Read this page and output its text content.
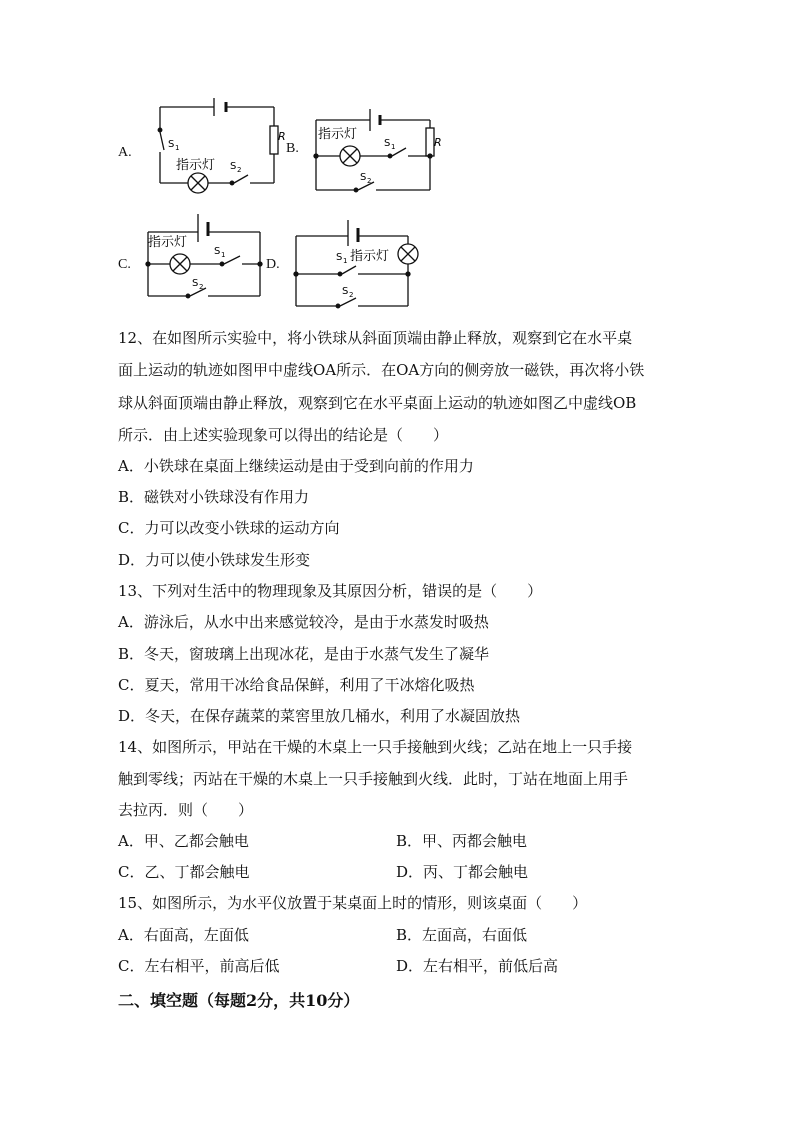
A.	B.
C.	D.
S 1
R
指示灯 S 2
指示灯
S 1	R
S 2
指示灯
S 1
S 2
S 1 指示灯
S 2
12、在如图所示实验中，将小铁球从斜面顶端由静止释放，观察到它在水平桌
面上运动的轨迹如图甲中虚线OA所示．在OA方向的侧旁放一磁铁，再次将小铁
球从斜面顶端由静止释放，观察到它在水平桌面上运动的轨迹如图乙中虚线OB
所示．由上述实验现象可以得出的结论是（　　）
A．小铁球在桌面上继续运动是由于受到向前的作用力
B．磁铁对小铁球没有作用力
C．力可以改变小铁球的运动方向
D．力可以使小铁球发生形变
13、下列对生活中的物理现象及其原因分析，错误的是（　　）
A．游泳后，从水中出来感觉较冷，是由于水蒸发时吸热
B．冬天，窗玻璃上出现冰花，是由于水蒸气发生了凝华
C．夏天，常用干冰给食品保鲜，利用了干冰熔化吸热
D．冬天，在保存蔬菜的菜窖里放几桶水，利用了水凝固放热
14、如图所示，甲站在干燥的木桌上一只手接触到火线；乙站在地上一只手接
触到零线；丙站在干燥的木桌上一只手接触到火线．此时，丁站在地面上用手
去拉丙．则（　　）
A．甲、乙都会触电	B．甲、丙都会触电
C．乙、丁都会触电	D．丙、丁都会触电
15、如图所示，为水平仪放置于某桌面上时的情形，则该桌面（　　）
A．右面高，左面低	B．左面高，右面低
C．左右相平，前高后低	D．左右相平，前低后高
二、填空题（每题2分，共10分）
